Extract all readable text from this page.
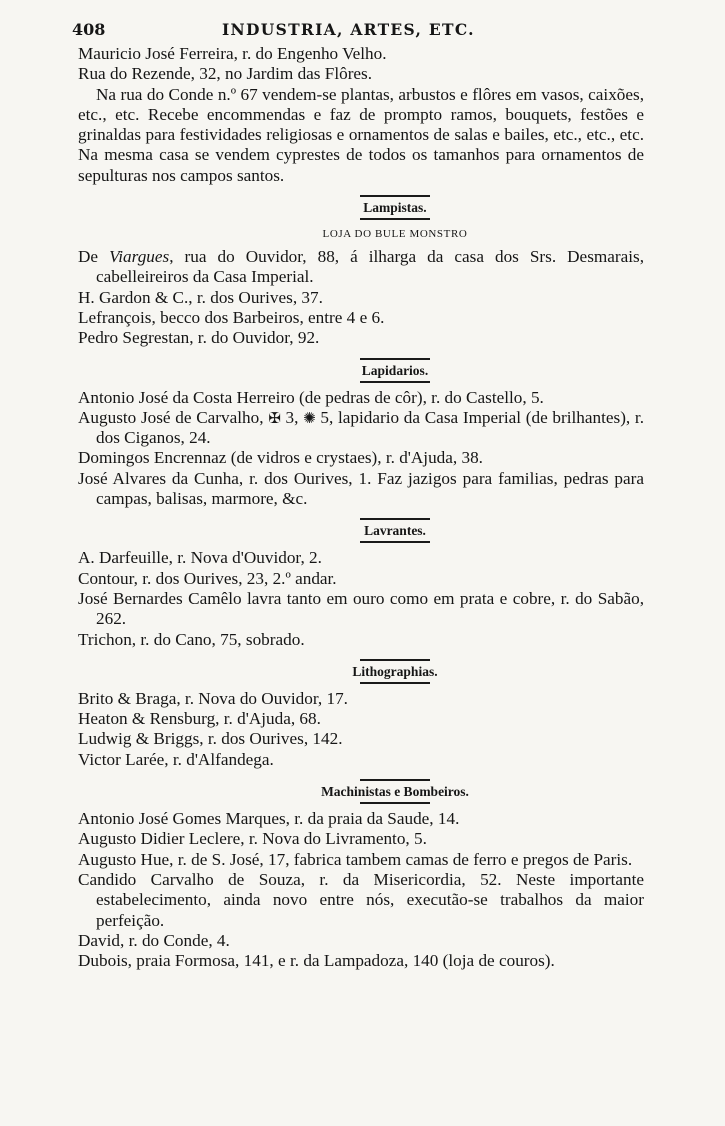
408	INDUSTRIA, ARTES, ETC.

Mauricio José Ferreira, r. do Engenho Velho.

Rua do Rezende, 32, no Jardim das Flôres.

Na rua do Conde n.º 67 vendem-se plantas, arbustos e flôres em vasos, caixões, etc., etc. Recebe encommendas e faz de prompto ramos, bouquets, festões e grinaldas para festividades religiosas e ornamentos de salas e bailes, etc., etc., etc. Na mesma casa se vendem cyprestes de todos os tamanhos para ornamentos de sepulturas nos campos santos.

Lampistas.
LOJA DO BULE MONSTRO

De Viargues, rua do Ouvidor, 88, á ilharga da casa dos Srs. Desmarais, cabelleireiros da Casa Imperial.

H. Gardon & C., r. dos Ourives, 37.

Lefrançois, becco dos Barbeiros, entre 4 e 6.

Pedro Segrestan, r. do Ouvidor, 92.

Lapidarios.

Antonio José da Costa Herreiro (de pedras de côr), r. do Castello, 5.

Augusto José de Carvalho, ✠ 3, ✺ 5, lapidario da Casa Imperial (de brilhantes), r. dos Ciganos, 24.

Domingos Encrennaz (de vidros e crystaes), r. d'Ajuda, 38.

José Alvares da Cunha, r. dos Ourives, 1. Faz jazigos para familias, pedras para campas, balisas, marmore, &c.

Lavrantes.

A. Darfeuille, r. Nova d'Ouvidor, 2.

Contour, r. dos Ourives, 23, 2.º andar.

José Bernardes Camêlo lavra tanto em ouro como em prata e cobre, r. do Sabão, 262.

Trichon, r. do Cano, 75, sobrado.

Lithographias.

Brito & Braga, r. Nova do Ouvidor, 17.

Heaton & Rensburg, r. d'Ajuda, 68.

Ludwig & Briggs, r. dos Ourives, 142.

Victor Larée, r. d'Alfandega.

Machinistas e Bombeiros.

Antonio José Gomes Marques, r. da praia da Saude, 14.

Augusto Didier Leclere, r. Nova do Livramento, 5.

Augusto Hue, r. de S. José, 17, fabrica tambem camas de ferro e pregos de Paris.

Candido Carvalho de Souza, r. da Misericordia, 52. Neste importante estabelecimento, ainda novo entre nós, executão-se trabalhos da maior perfeição.

David, r. do Conde, 4.

Dubois, praia Formosa, 141, e r. da Lampadoza, 140 (loja de couros).
